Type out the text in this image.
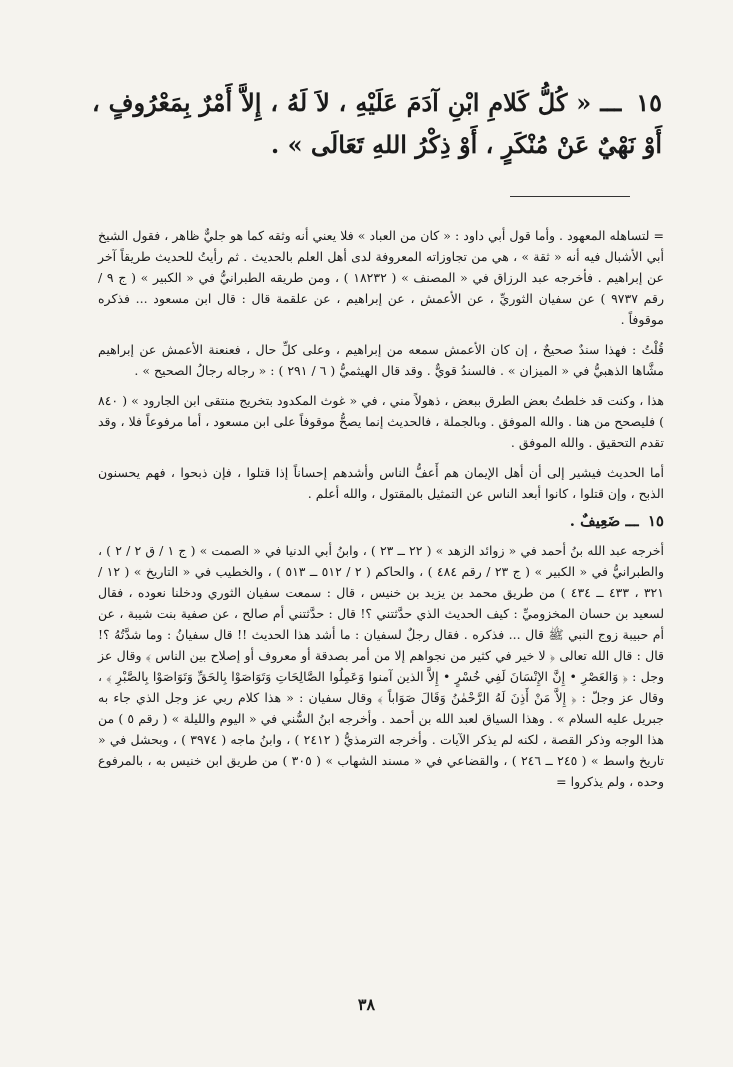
١٥ ـــ « كُلُّ كَلامِ ابْنِ آدَمَ عَلَيْهِ ، لاَ لَهُ ، إِلاَّ أَمْرٌ بِمَعْرُوفٍ ، أَوْ نَهْيٌ عَنْ مُنْكَرٍ ، أَوْ ذِكْرُ اللهِ تَعَالَى » .

= لتساهله المعهود . وأما قول أبي داود : « كان من العباد » فلا يعني أنه وثقه كما هو جليٌّ ظاهر ، فقول الشيخ أبي الأشبال فيه أنه « ثقة » ، هي من تجاوزاته المعروفة لدى أهل العلم بالحديث . ثم رأيتُ للحديث طريقاً آخر عن إبراهيم . فأخرجه عبد الرزاق في « المصنف » ( ١٨٢٣٢ ) ، ومن طريقه الطبرانيُّ في « الكبير » ( ج ٩ / رقم ٩٧٣٧ ) عن سفيان الثوريِّ ، عن الأعمش ، عن إبراهيم ، عن علقمة قال : قال ابن مسعود ... فذكره موقوفاً .

قُلْتُ : فهذا سندٌ صحيحٌ ، إن كان الأعمش سمعه من إبراهيم ، وعلى كلِّ حال ، فعنعنة الأعمش عن إبراهيم مشَّاها الذهبيُّ في « الميزان » . فالسندُ قويٌّ . وقد قال الهيثميُّ ( ٦ / ٢٩١ ) : « رجاله رجالُ الصحيح » .

هذا ، وكنت قد خلطتُ بعض الطرق ببعض ، ذهولاً مني ، في « غوث المكدود بتخريج منتقى ابن الجارود » ( ٨٤٠ ) فليصحح من هنا . والله الموفق . وبالجملة ، فالحديث إنما يصحُّ موقوفاً على ابن مسعود ، أما مرفوعاً فلا ، وقد تقدم التحقيق . والله الموفق .

أما الحديث فيشير إلى أن أهل الإيمان هم أَعفُّ الناس وأشدهم إحساناً إذا قتلوا ، فإن ذبحوا ، فهم يحسنون الذبح ، وإن قتلوا ، كانوا أبعد الناس عن التمثيل بالمقتول ، والله أعلم .

١٥ ـــ ضَعِيفٌ .

أخرجه عبد الله بنُ أحمد في « زوائد الزهد » ( ٢٢ ــ ٢٣ ) ، وابنُ أبي الدنيا في « الصمت » ( ج ١ / ق ٢ / ٢ ) ، والطبرانيُّ في « الكبير » ( ج ٢٣ / رقم ٤٨٤ ) ، والحاكم ( ٢ / ٥١٢ ــ ٥١٣ ) ، والخطيب في « التاريخ » ( ١٢ / ٣٢١ ، ٤٣٣ ــ ٤٣٤ ) من طريق محمد بن يزيد بن خنيس ، قال : سمعت سفيان الثوري ودخلنا نعوده ، فقال لسعيد بن حسان المخزوميِّ : كيف الحديث الذي حدَّثتني ؟! قال : حدَّثتني أم صالح ، عن صفية بنت شيبة ، عن أم حبيبة زوج النبي ﷺ قال ... فذكره . فقال رجلٌ لسفيان : ما أشد هذا الحديث !! قال سفيانُ : وما شدَّتُهُ ؟! قال : قال الله تعالى ﴿ لا خير في كثير من نجواهم إلا من أمر بصدقة أو معروف أو إصلاح بين الناس ﴾ وقال عز وجل : ﴿ وَالعَصْرِ • إِنَّ الإِنْسَانَ لَفِي خُسْرٍ • إِلاَّ الذين آمنوا وَعَمِلُوا الصَّالِحَاتِ وَتَوَاصَوْا بِالحَقِّ وَتَوَاصَوْا بِالصَّبْرِ ﴾ ، وقال عز وجلّ : ﴿ إِلاَّ مَنْ أَذِنَ لَهُ الرَّحْمٰنُ وَقَالَ صَوَاباً ﴾ وقال سفيان : « هذا كلام ربي عز وجل الذي جاء به جبريل عليه السلام » . وهذا السياق لعبد الله بن أحمد . وأخرجه ابنُ السُّني في « اليوم والليلة » ( رقم ٥ ) من هذا الوجه وذكر القصة ، لكنه لم يذكر الآيات . وأخرجه الترمذيُّ ( ٢٤١٢ ) ، وابنُ ماجه ( ٣٩٧٤ ) ، وبحشل في « تاريخ واسط » ( ٢٤٥ ــ ٢٤٦ ) ، والقضاعي في « مسند الشهاب » ( ٣٠٥ ) من طريق ابن خنيس به ، بالمرفوع وحده ، ولم يذكروا =

٣٨
